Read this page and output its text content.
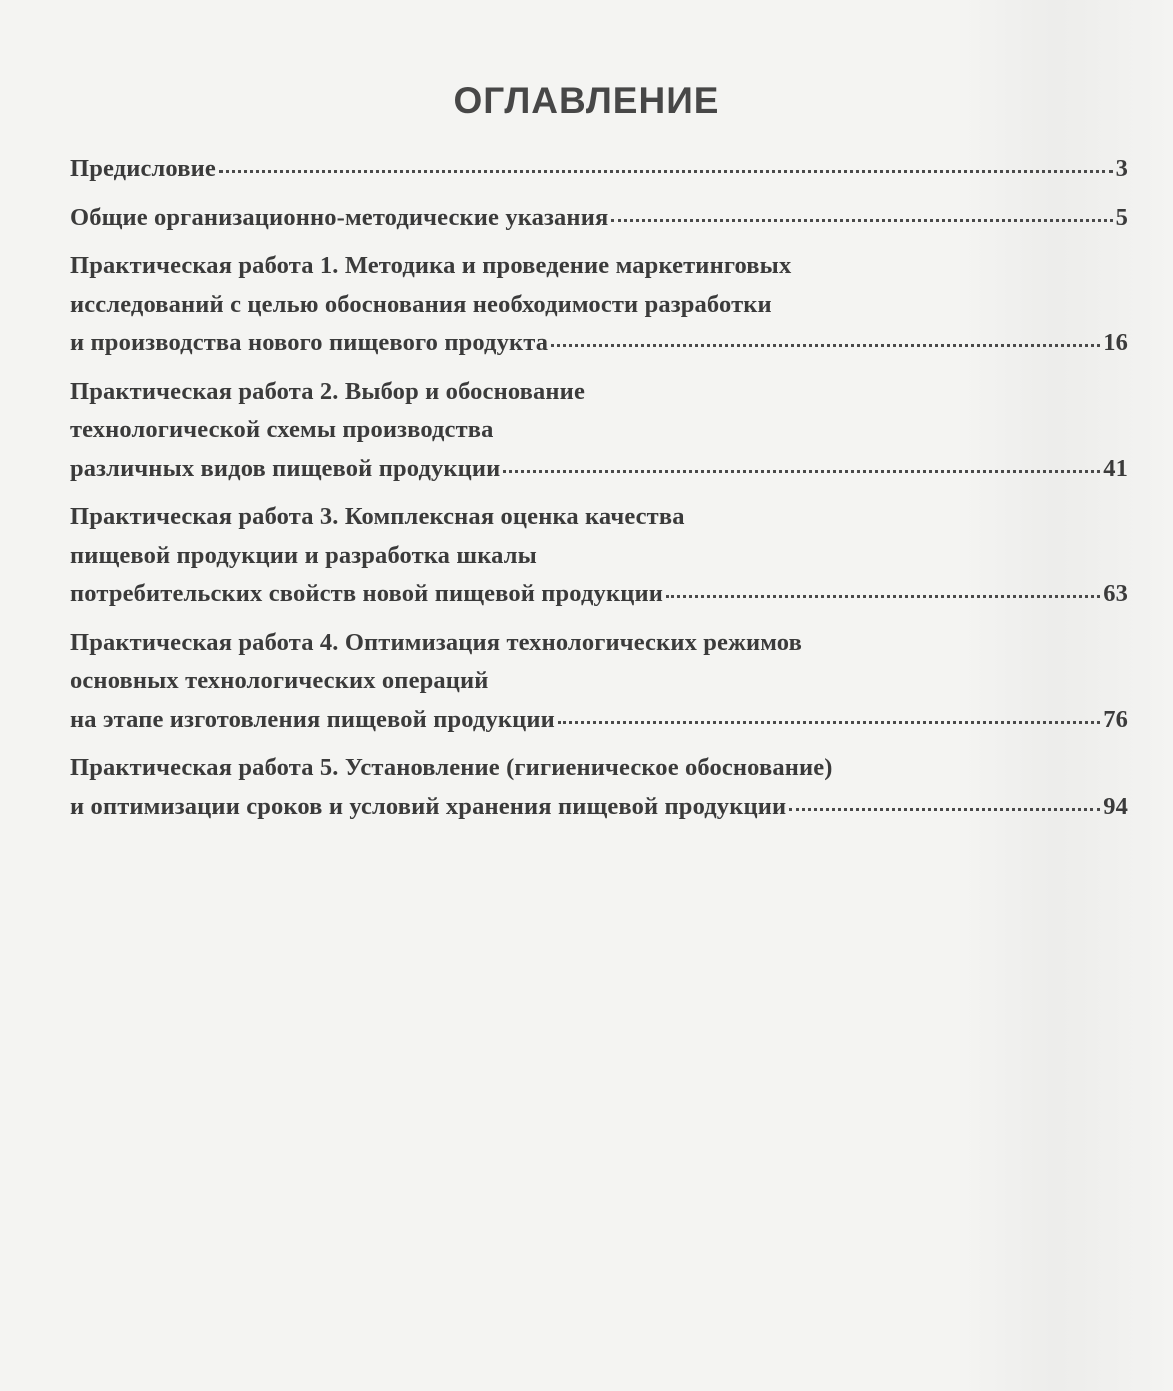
ОГЛАВЛЕНИЕ
Предисловие	3
Общие организационно-методические указания	5
Практическая работа 1. Методика и проведение маркетинговых
исследований с целью обоснования необходимости разработки
и производства нового пищевого продукта	16
Практическая работа 2. Выбор и обоснование
технологической схемы производства
различных видов пищевой продукции	41
Практическая работа 3. Комплексная оценка качества
пищевой продукции и разработка шкалы
потребительских свойств новой пищевой продукции	63
Практическая работа 4. Оптимизация технологических режимов
основных технологических операций
на этапе изготовления пищевой продукции	76
Практическая работа 5. Установление (гигиеническое обоснование)
и оптимизации сроков и условий хранения пищевой продукции	94
